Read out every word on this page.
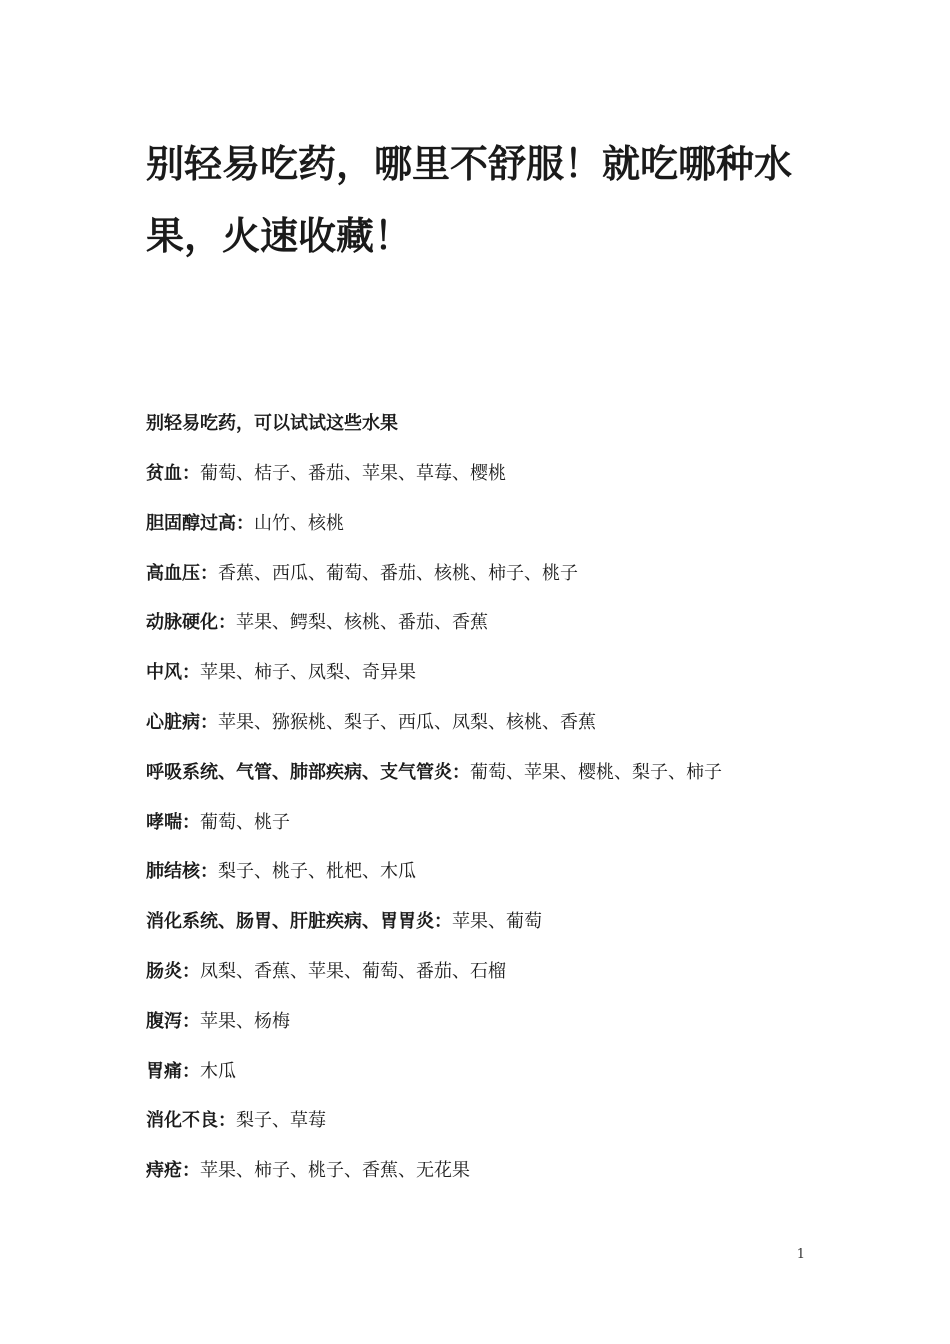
别轻易吃药，哪里不舒服！就吃哪种水
果，火速收藏！

别轻易吃药，可以试试这些水果

贫血：葡萄、桔子、番茄、苹果、草莓、樱桃

胆固醇过高：山竹、核桃

高血压：香蕉、西瓜、葡萄、番茄、核桃、柿子、桃子

动脉硬化：苹果、鳄梨、核桃、番茄、香蕉

中风：苹果、柿子、凤梨、奇异果

心脏病：苹果、猕猴桃、梨子、西瓜、凤梨、核桃、香蕉

呼吸系统、气管、肺部疾病、支气管炎：葡萄、苹果、樱桃、梨子、柿子

哮喘：葡萄、桃子

肺结核：梨子、桃子、枇杷、木瓜

消化系统、肠胃、肝脏疾病、胃胃炎：苹果、葡萄

肠炎：凤梨、香蕉、苹果、葡萄、番茄、石榴

腹泻：苹果、杨梅

胃痛：木瓜

消化不良：梨子、草莓

痔疮：苹果、柿子、桃子、香蕉、无花果

1
